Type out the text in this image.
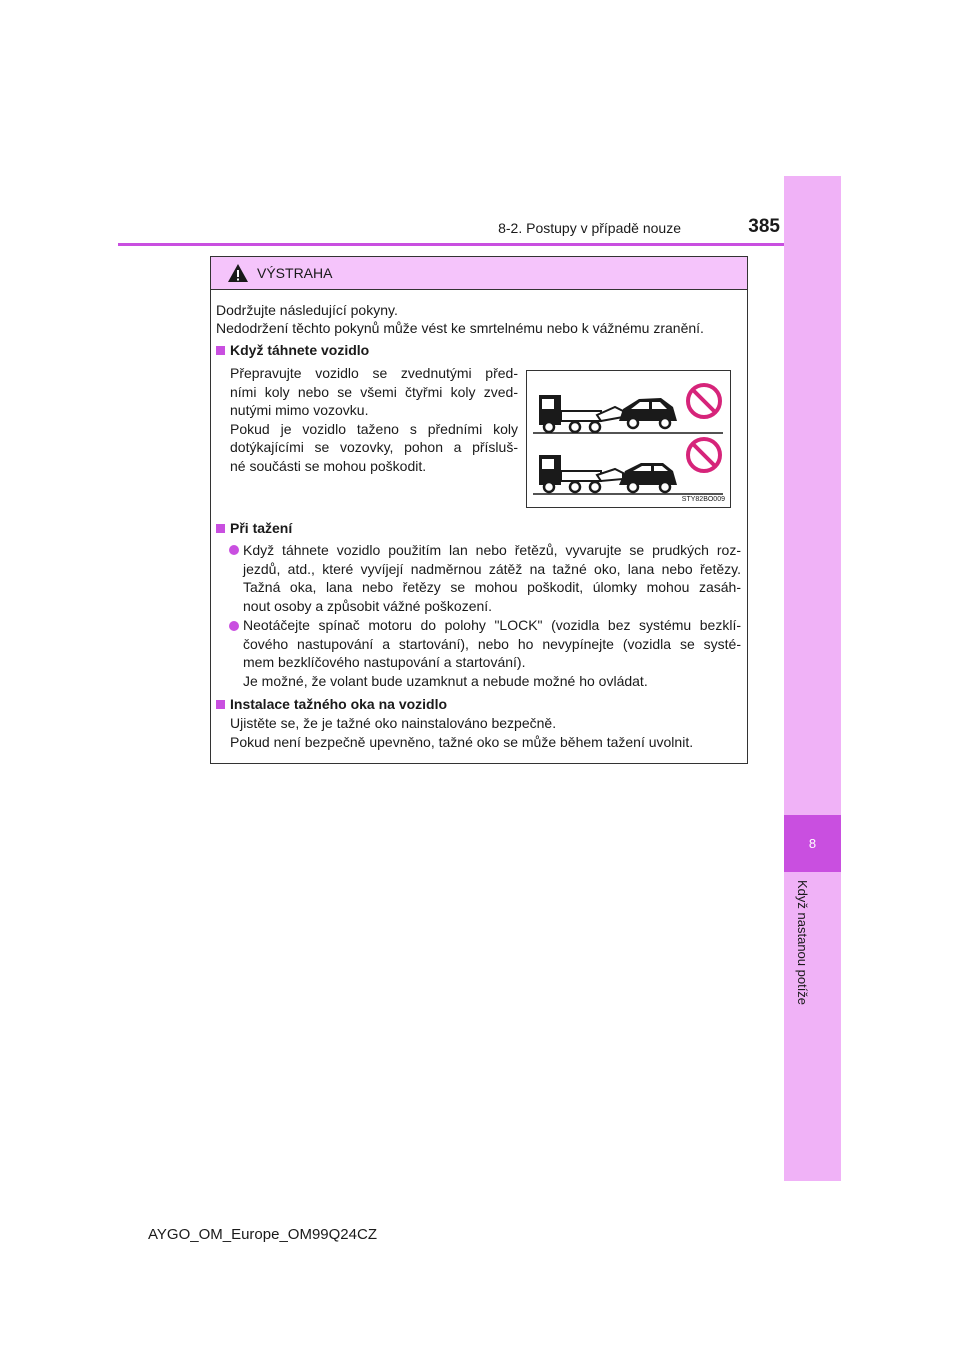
8-2. Postupy v případě nouze	385
8
Když nastanou potíže
VÝSTRAHA
Dodržujte následující pokyny.
Nedodržení těchto pokynů může vést ke smrtelnému nebo k vážnému zranění.
Když táhnete vozidlo
Přepravujte vozidlo se zvednutými před-
ními koly nebo se všemi čtyřmi koly zved-
nutými mimo vozovku.
Pokud je vozidlo taženo s předními koly
dotýkajícími se vozovky, pohon a přísluš-
né součásti se mohou poškodit.
STY82BO009
Při tažení
Když táhnete vozidlo použitím lan nebo řetězů, vyvarujte se prudkých roz-
jezdů, atd., které vyvíjejí nadměrnou zátěž na tažné oko, lana nebo řetězy.
Tažná oka, lana nebo řetězy se mohou poškodit, úlomky mohou zasáh-
nout osoby a způsobit vážné poškození.
Neotáčejte spínač motoru do polohy "LOCK" (vozidla bez systému bezklí-
čového nastupování a startování), nebo ho nevypínejte (vozidla se systé-
mem bezklíčového nastupování a startování).
Je možné, že volant bude uzamknut a nebude možné ho ovládat.
Instalace tažného oka na vozidlo
Ujistěte se, že je tažné oko nainstalováno bezpečně.
Pokud není bezpečně upevněno, tažné oko se může během tažení uvolnit.
AYGO_OM_Europe_OM99Q24CZ
